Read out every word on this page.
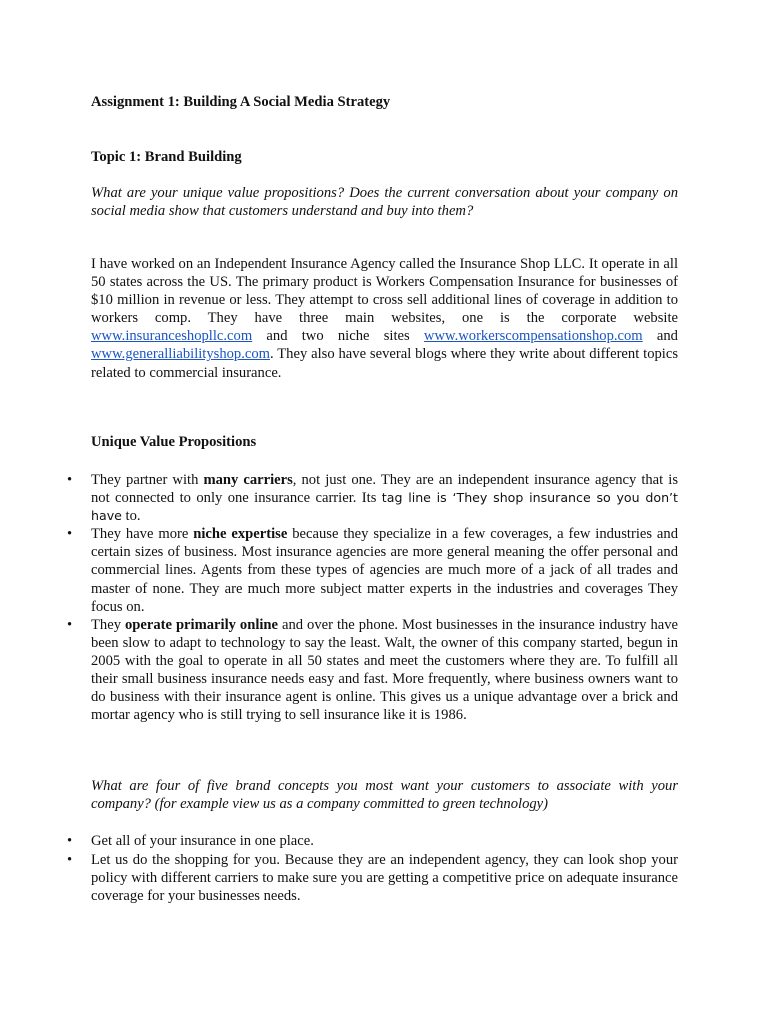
Assignment 1: Building A Social Media Strategy

Topic 1: Brand Building

What are your unique value propositions? Does the current conversation about your company on social media show that customers understand and buy into them?

I have worked on an Independent Insurance Agency called the Insurance Shop LLC. It operate in all 50 states across the US. The primary product is Workers Compensation Insurance for businesses of $10 million in revenue or less. They attempt to cross sell additional lines of coverage in addition to workers comp. They have three main websites, one is the corporate website www.insuranceshopllc.com and two niche sites www.workerscompensationshop.com and www.generalliabilityshop.com. They also have several blogs where they write about different topics related to commercial insurance.

Unique Value Propositions

• They partner with many carriers, not just one. They are an independent insurance agency that is not connected to only one insurance carrier. Its tag line is ‘They shop insurance so you don’t have to.
• They have more niche expertise because they specialize in a few coverages, a few industries and certain sizes of business. Most insurance agencies are more general meaning the offer personal and commercial lines. Agents from these types of agencies are much more of a jack of all trades and master of none. They are much more subject matter experts in the industries and coverages They focus on.
• They operate primarily online and over the phone. Most businesses in the insurance industry have been slow to adapt to technology to say the least. Walt, the owner of this company started, begun in 2005 with the goal to operate in all 50 states and meet the customers where they are. To fulfill all their small business insurance needs easy and fast. More frequently, where business owners want to do business with their insurance agent is online. This gives us a unique advantage over a brick and mortar agency who is still trying to sell insurance like it is 1986.

What are four of five brand concepts you most want your customers to associate with your company? (for example view us as a company committed to green technology)

• Get all of your insurance in one place.
• Let us do the shopping for you. Because they are an independent agency, they can look shop your policy with different carriers to make sure you are getting a competitive price on adequate insurance coverage for your businesses needs.
